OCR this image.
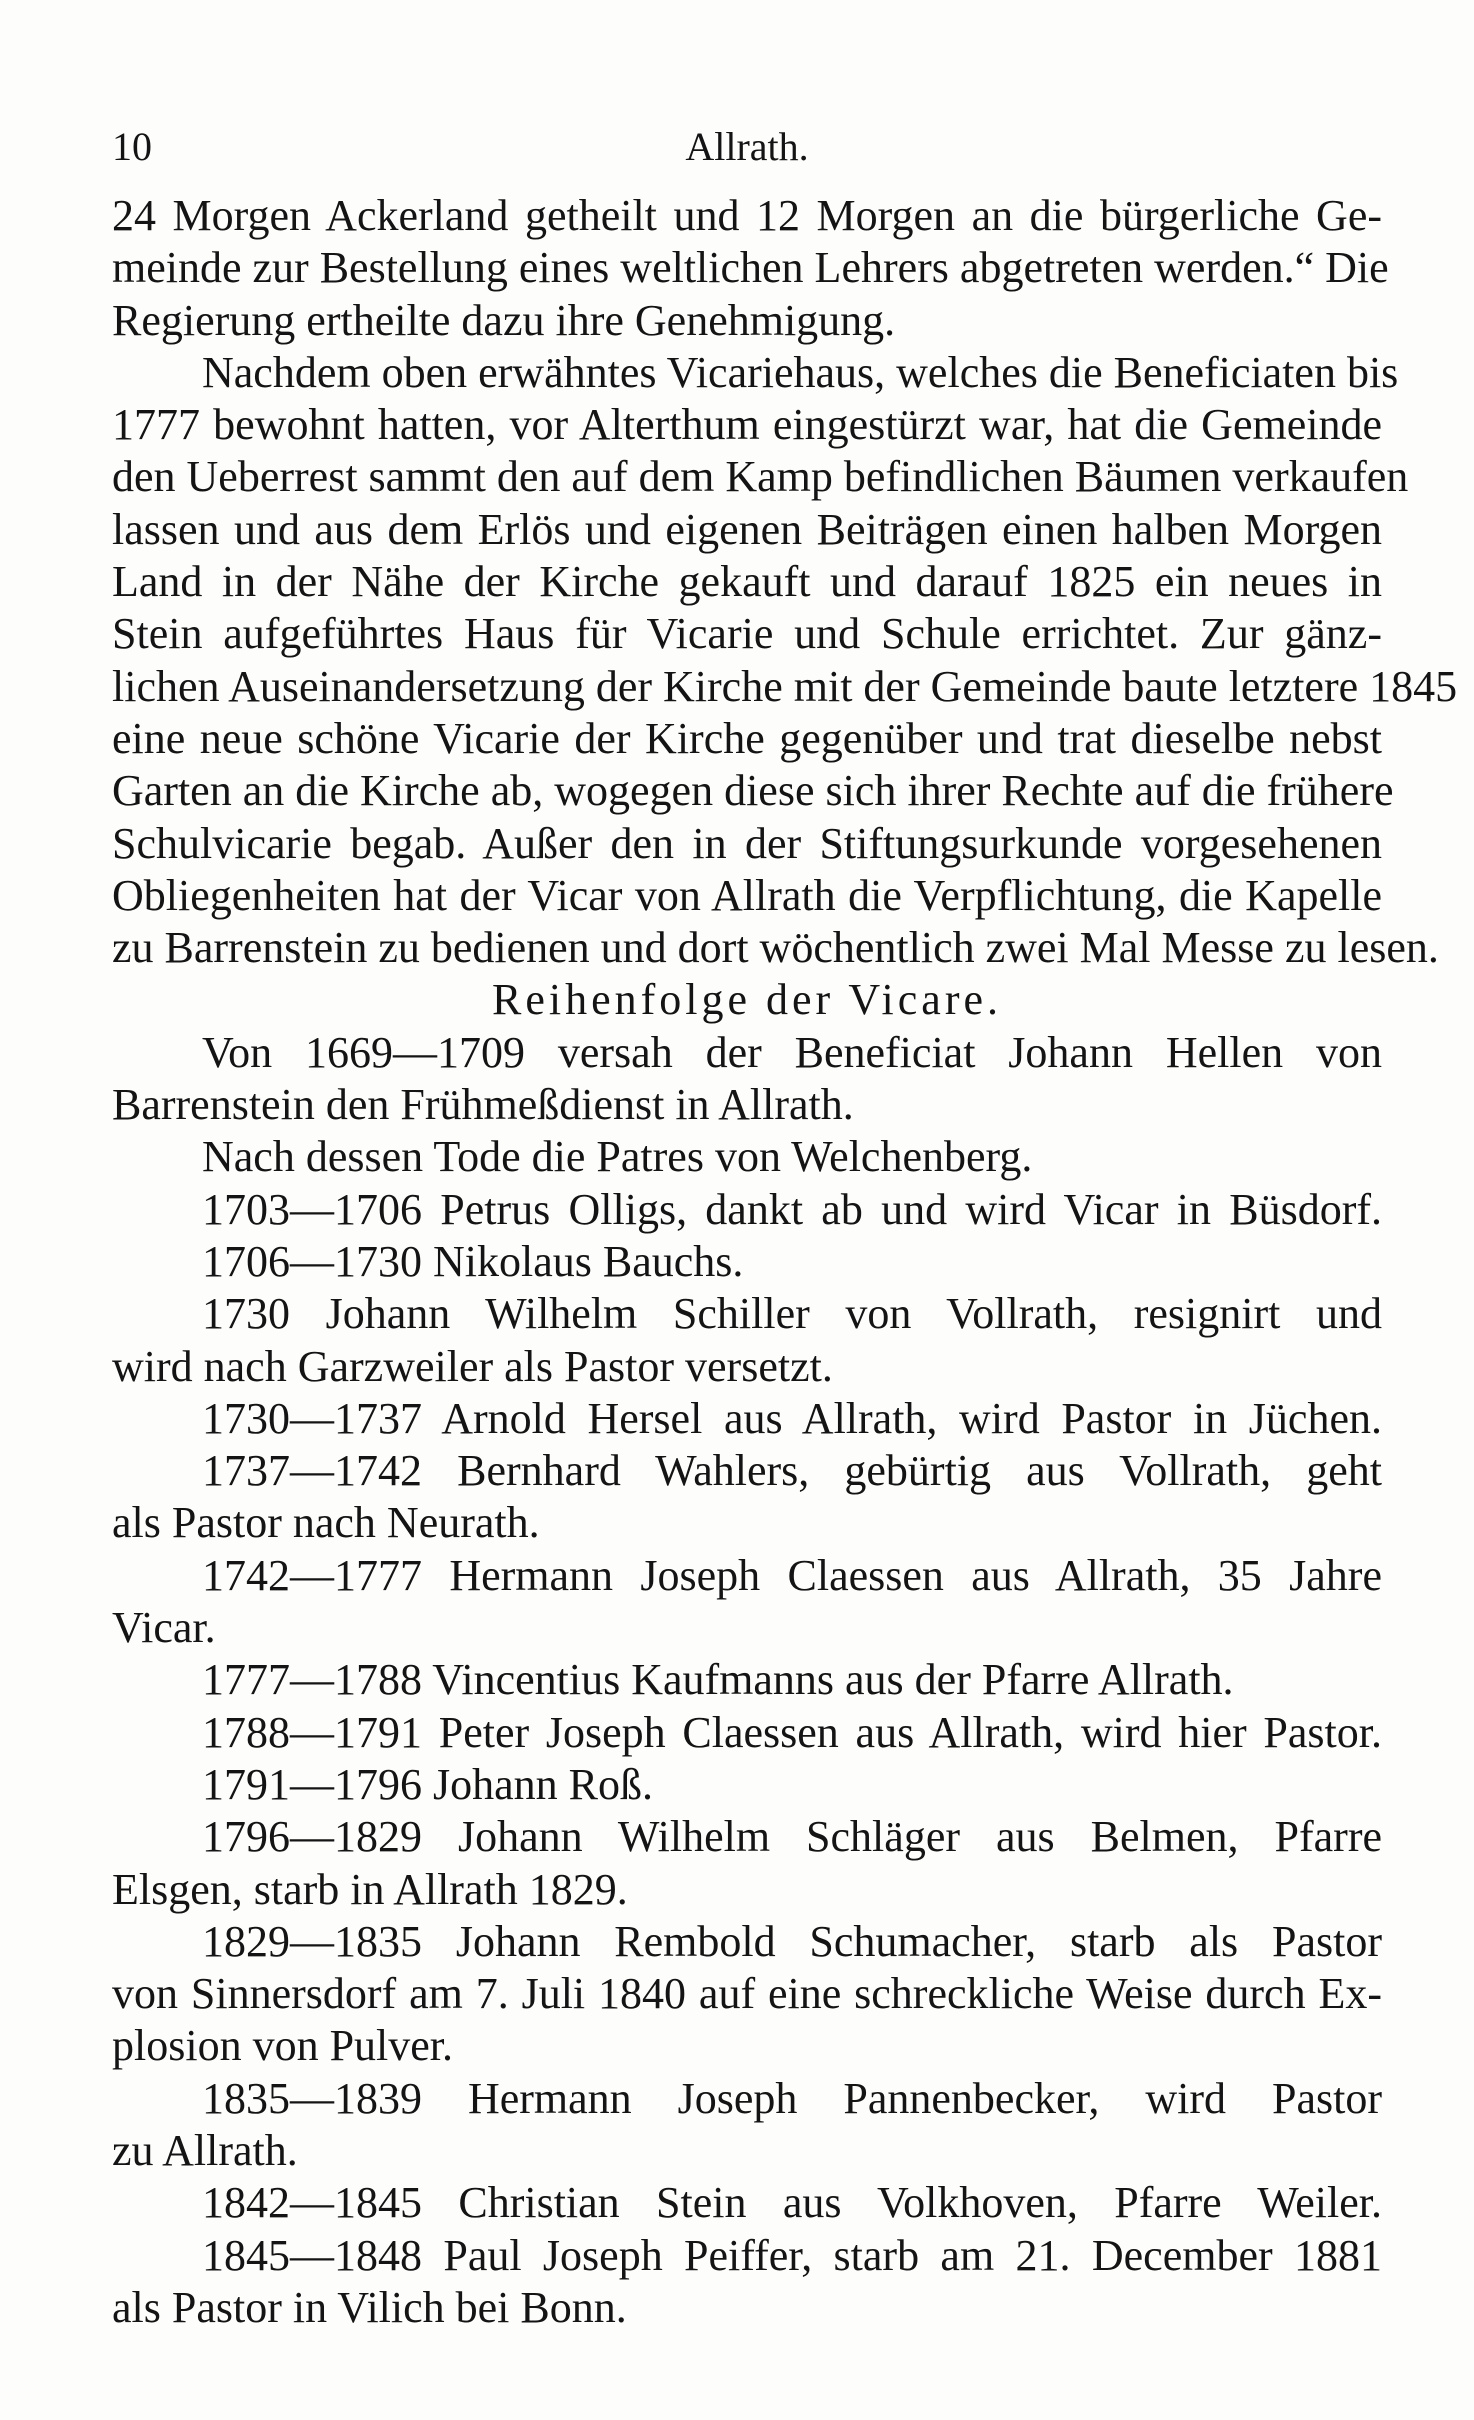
10	Allrath.
24 Morgen Ackerland getheilt und 12 Morgen an die bürgerliche Ge-
meinde zur Bestellung eines weltlichen Lehrers abgetreten werden.“ Die
Regierung ertheilte dazu ihre Genehmigung.
Nachdem oben erwähntes Vicariehaus, welches die Beneficiaten bis
1777 bewohnt hatten, vor Alterthum eingestürzt war, hat die Gemeinde
den Ueberrest sammt den auf dem Kamp befindlichen Bäumen verkaufen
lassen und aus dem Erlös und eigenen Beiträgen einen halben Morgen
Land in der Nähe der Kirche gekauft und darauf 1825 ein neues in
Stein aufgeführtes Haus für Vicarie und Schule errichtet. Zur gänz-
lichen Auseinandersetzung der Kirche mit der Gemeinde baute letztere 1845
eine neue schöne Vicarie der Kirche gegenüber und trat dieselbe nebst
Garten an die Kirche ab, wogegen diese sich ihrer Rechte auf die frühere
Schulvicarie begab. Außer den in der Stiftungsurkunde vorgesehenen
Obliegenheiten hat der Vicar von Allrath die Verpflichtung, die Kapelle
zu Barrenstein zu bedienen und dort wöchentlich zwei Mal Messe zu lesen.
Reihenfolge der Vicare.
Von 1669—1709 versah der Beneficiat Johann Hellen von
Barrenstein den Frühmeßdienst in Allrath.
Nach dessen Tode die Patres von Welchenberg.
1703—1706 Petrus Olligs, dankt ab und wird Vicar in Büsdorf.
1706—1730 Nikolaus Bauchs.
1730 Johann Wilhelm Schiller von Vollrath, resignirt und
wird nach Garzweiler als Pastor versetzt.
1730—1737 Arnold Hersel aus Allrath, wird Pastor in Jüchen.
1737—1742 Bernhard Wahlers, gebürtig aus Vollrath, geht
als Pastor nach Neurath.
1742—1777 Hermann Joseph Claessen aus Allrath, 35 Jahre
Vicar.
1777—1788 Vincentius Kaufmanns aus der Pfarre Allrath.
1788—1791 Peter Joseph Claessen aus Allrath, wird hier Pastor.
1791—1796 Johann Roß.
1796—1829 Johann Wilhelm Schläger aus Belmen, Pfarre
Elsgen, starb in Allrath 1829.
1829—1835 Johann Rembold Schumacher, starb als Pastor
von Sinnersdorf am 7. Juli 1840 auf eine schreckliche Weise durch Ex-
plosion von Pulver.
1835—1839 Hermann Joseph Pannenbecker, wird Pastor
zu Allrath.
1842—1845 Christian Stein aus Volkhoven, Pfarre Weiler.
1845—1848 Paul Joseph Peiffer, starb am 21. December 1881
als Pastor in Vilich bei Bonn.
